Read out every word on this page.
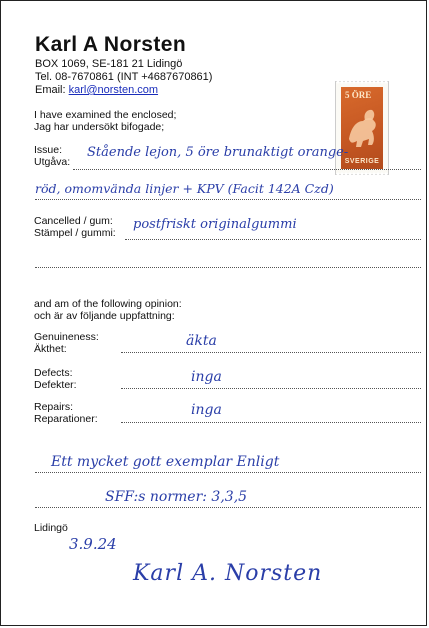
Karl A Norsten
BOX 1069, SE-181 21 Lidingö
Tel. 08-7670861 (INT +4687670861)
Email: karl@norsten.com	5 ÖRE
SVERIGE
I have examined the enclosed;
Jag har undersökt bifogade;
Issue:
Utgåva:
Stående lejon, 5 öre brunaktigt orange-
röd, omomvända linjer + KPV (Facit 142A Czd)
Cancelled / gum:
Stämpel / gummi:
postfriskt originalgummi
and am of the following opinion:
och är av följande uppfattning:
Genuineness:
Äkthet:	äkta
Defects:
Defekter:	inga
Repairs:
Reparationer:
inga
Ett mycket gott exemplar Enligt
SFF:s normer: 3,3,5
Lidingö
3.9.24
Karl A. Norsten
